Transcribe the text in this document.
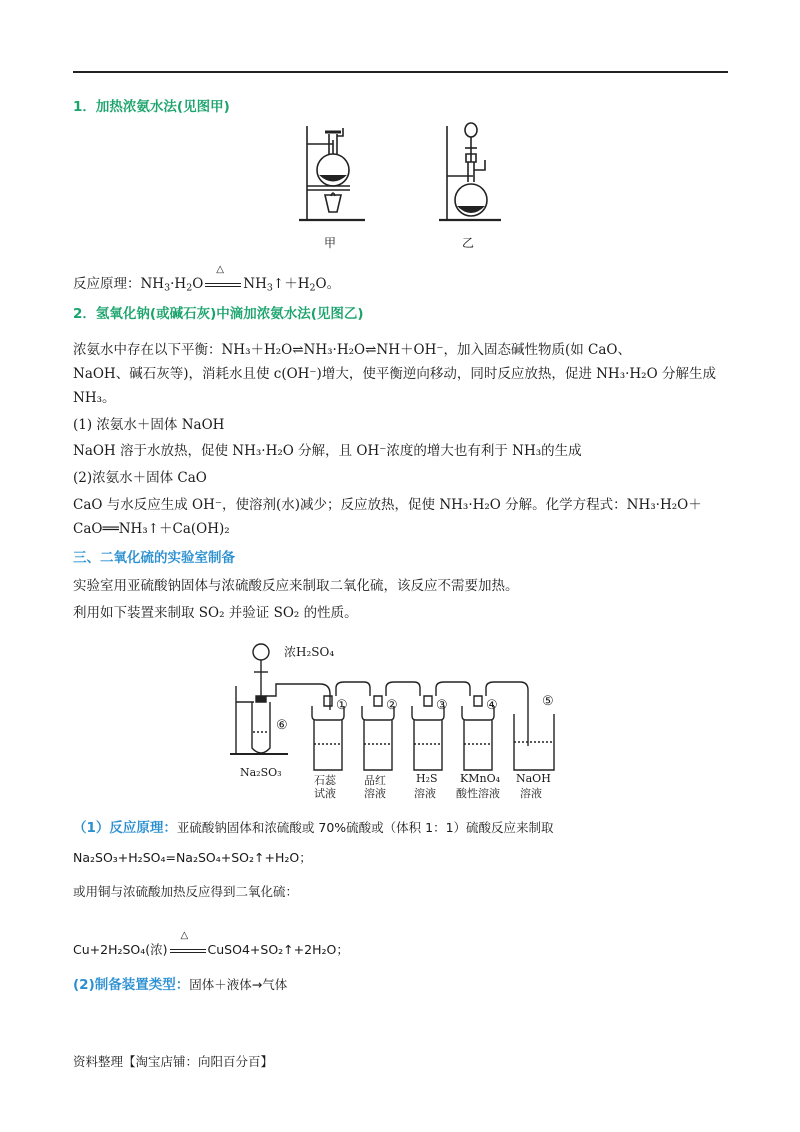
1．加热浓氨水法(见图甲)
甲	乙
反应原理：$NH_3\cdot H_2O$
△
$NH_3↑+H_2O$。
2．氢氧化钠(或碱石灰)中滴加浓氨水法(见图乙)
浓氨水中存在以下平衡：NH₃＋H₂O⇌NH₃·H₂O⇌NH＋OH⁻，加入固态碱性物质(如 CaO、
NaOH、碱石灰等)，消耗水且使 c(OH⁻)增大，使平衡逆向移动，同时反应放热，促进 NH₃·H₂O 分解生成
NH₃。
(1) 浓氨水＋固体 NaOH
NaOH 溶于水放热，促使 NH₃·H₂O 分解，且 OH⁻浓度的增大也有利于 NH₃的生成
(2)浓氨水＋固体 CaO
CaO 与水反应生成 OH⁻，使溶剂(水)减少；反应放热，促使 NH₃·H₂O 分解。化学方程式：NH₃·H₂O＋
CaO══NH₃↑＋Ca(OH)₂
三、二氧化硫的实验室制备
实验室用亚硫酸钠固体与浓硫酸反应来制取二氧化硫，该反应不需要加热。
利用如下装置来制取 SO₂ 并验证 SO₂ 的性质。
浓H₂SO₄
⑥
①	②	③	④	⑤
Na₂SO₃
石蕊
试液
品红
溶液
H₂S
溶液
KMnO₄
酸性溶液
NaOH
溶液
（1）反应原理：亚硫酸钠固体和浓硫酸或 70%硫酸或（体积 1：1）硫酸反应来制取
Na₂SO₃+H₂SO₄=Na₂SO₄+SO₂↑+H₂O；
或用铜与浓硫酸加热反应得到二氧化硫：
Cu+2H₂SO₄(浓)
△
CuSO4+SO₂↑+2H₂O；
(2)制备装置类型：固体＋液体→气体
资料整理【淘宝店铺：向阳百分百】
